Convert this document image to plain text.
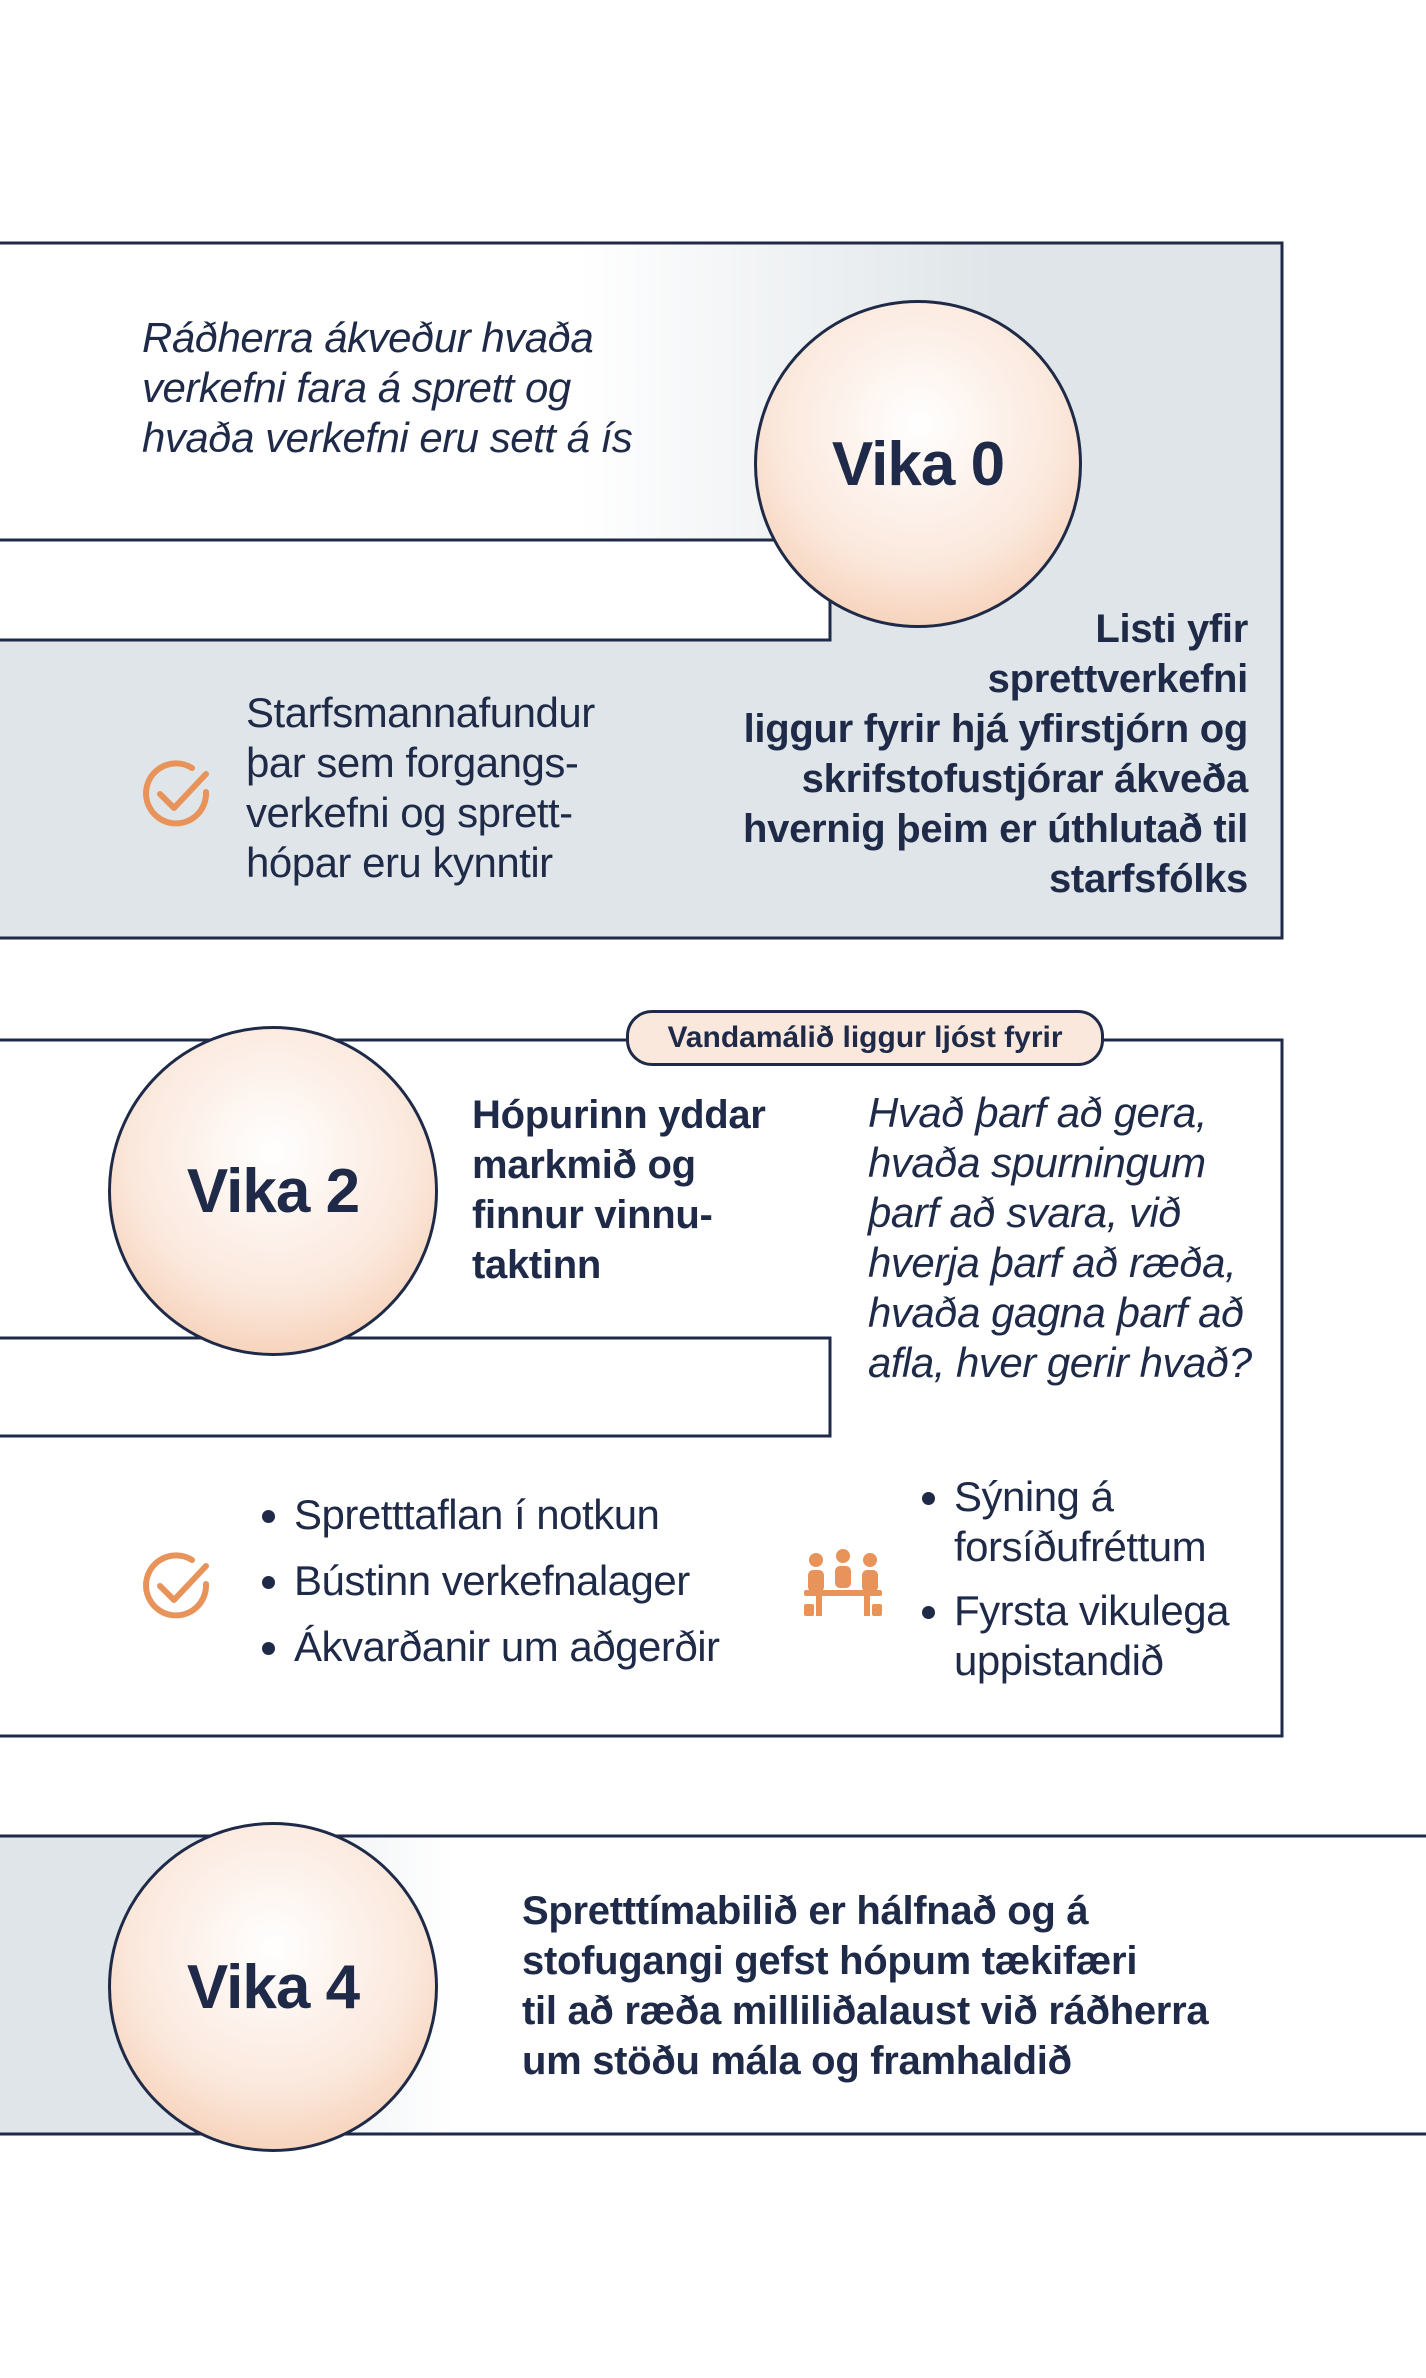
Ráðherra ákveður hvaða
verkefni fara á sprett og
hvaða verkefni eru sett á ís	Vika 0
Starfsmannafundur
þar sem forgangs-
verkefni og sprett-
hópar eru kynntir
Listi yfir
sprettverkefni
liggur fyrir hjá yfirstjórn og
skrifstofustjórar ákveða
hvernig þeim er úthlutað til
starfsfólks
Vandamálið liggur ljóst fyrir
Vika 2
Hópurinn yddar
markmið og
finnur vinnu-
taktinn
Hvað þarf að gera,
hvaða spurningum
þarf að svara, við
hverja þarf að ræða,
hvaða gagna þarf að
afla, hver gerir hvað?
• Spretttaflan í notkun
• Bústinn verkefnalager
• Ákvarðanir um aðgerðir
• Sýning á forsíðufréttum
• Fyrsta vikulega uppistandið
Vika 4
Spretttímabilið er hálfnað og á
stofugangi gefst hópum tækifæri
til að ræða milliliðalaust við ráðherra
um stöðu mála og framhaldið
